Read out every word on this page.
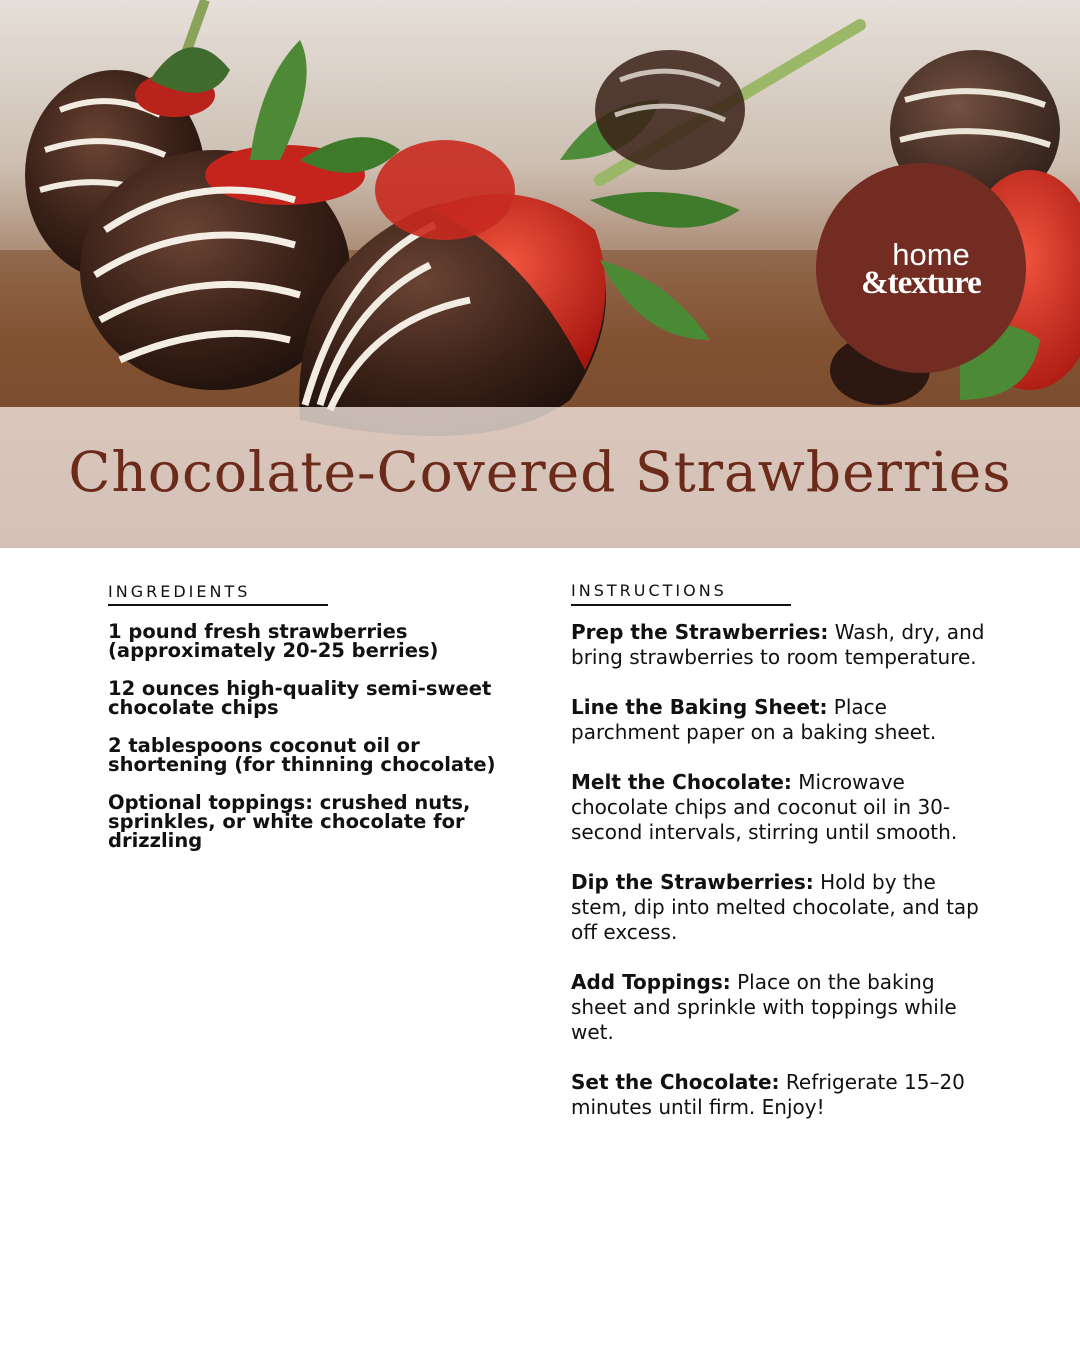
Chocolate-Covered Strawberries
home
&texture
INGREDIENTS
1 pound fresh strawberries (approximately 20-25 berries)
12 ounces high-quality semi-sweet chocolate chips
2 tablespoons coconut oil or shortening (for thinning chocolate)
Optional toppings: crushed nuts, sprinkles, or white chocolate for drizzling
INSTRUCTIONS

Prep the Strawberries: Wash, dry, and bring strawberries to room temperature.

Line the Baking Sheet: Place parchment paper on a baking sheet.

Melt the Chocolate: Microwave chocolate chips and coconut oil in 30-second intervals, stirring until smooth.

Dip the Strawberries: Hold by the stem, dip into melted chocolate, and tap off excess.

Add Toppings: Place on the baking sheet and sprinkle with toppings while wet.

Set the Chocolate: Refrigerate 15–20 minutes until firm. Enjoy!
